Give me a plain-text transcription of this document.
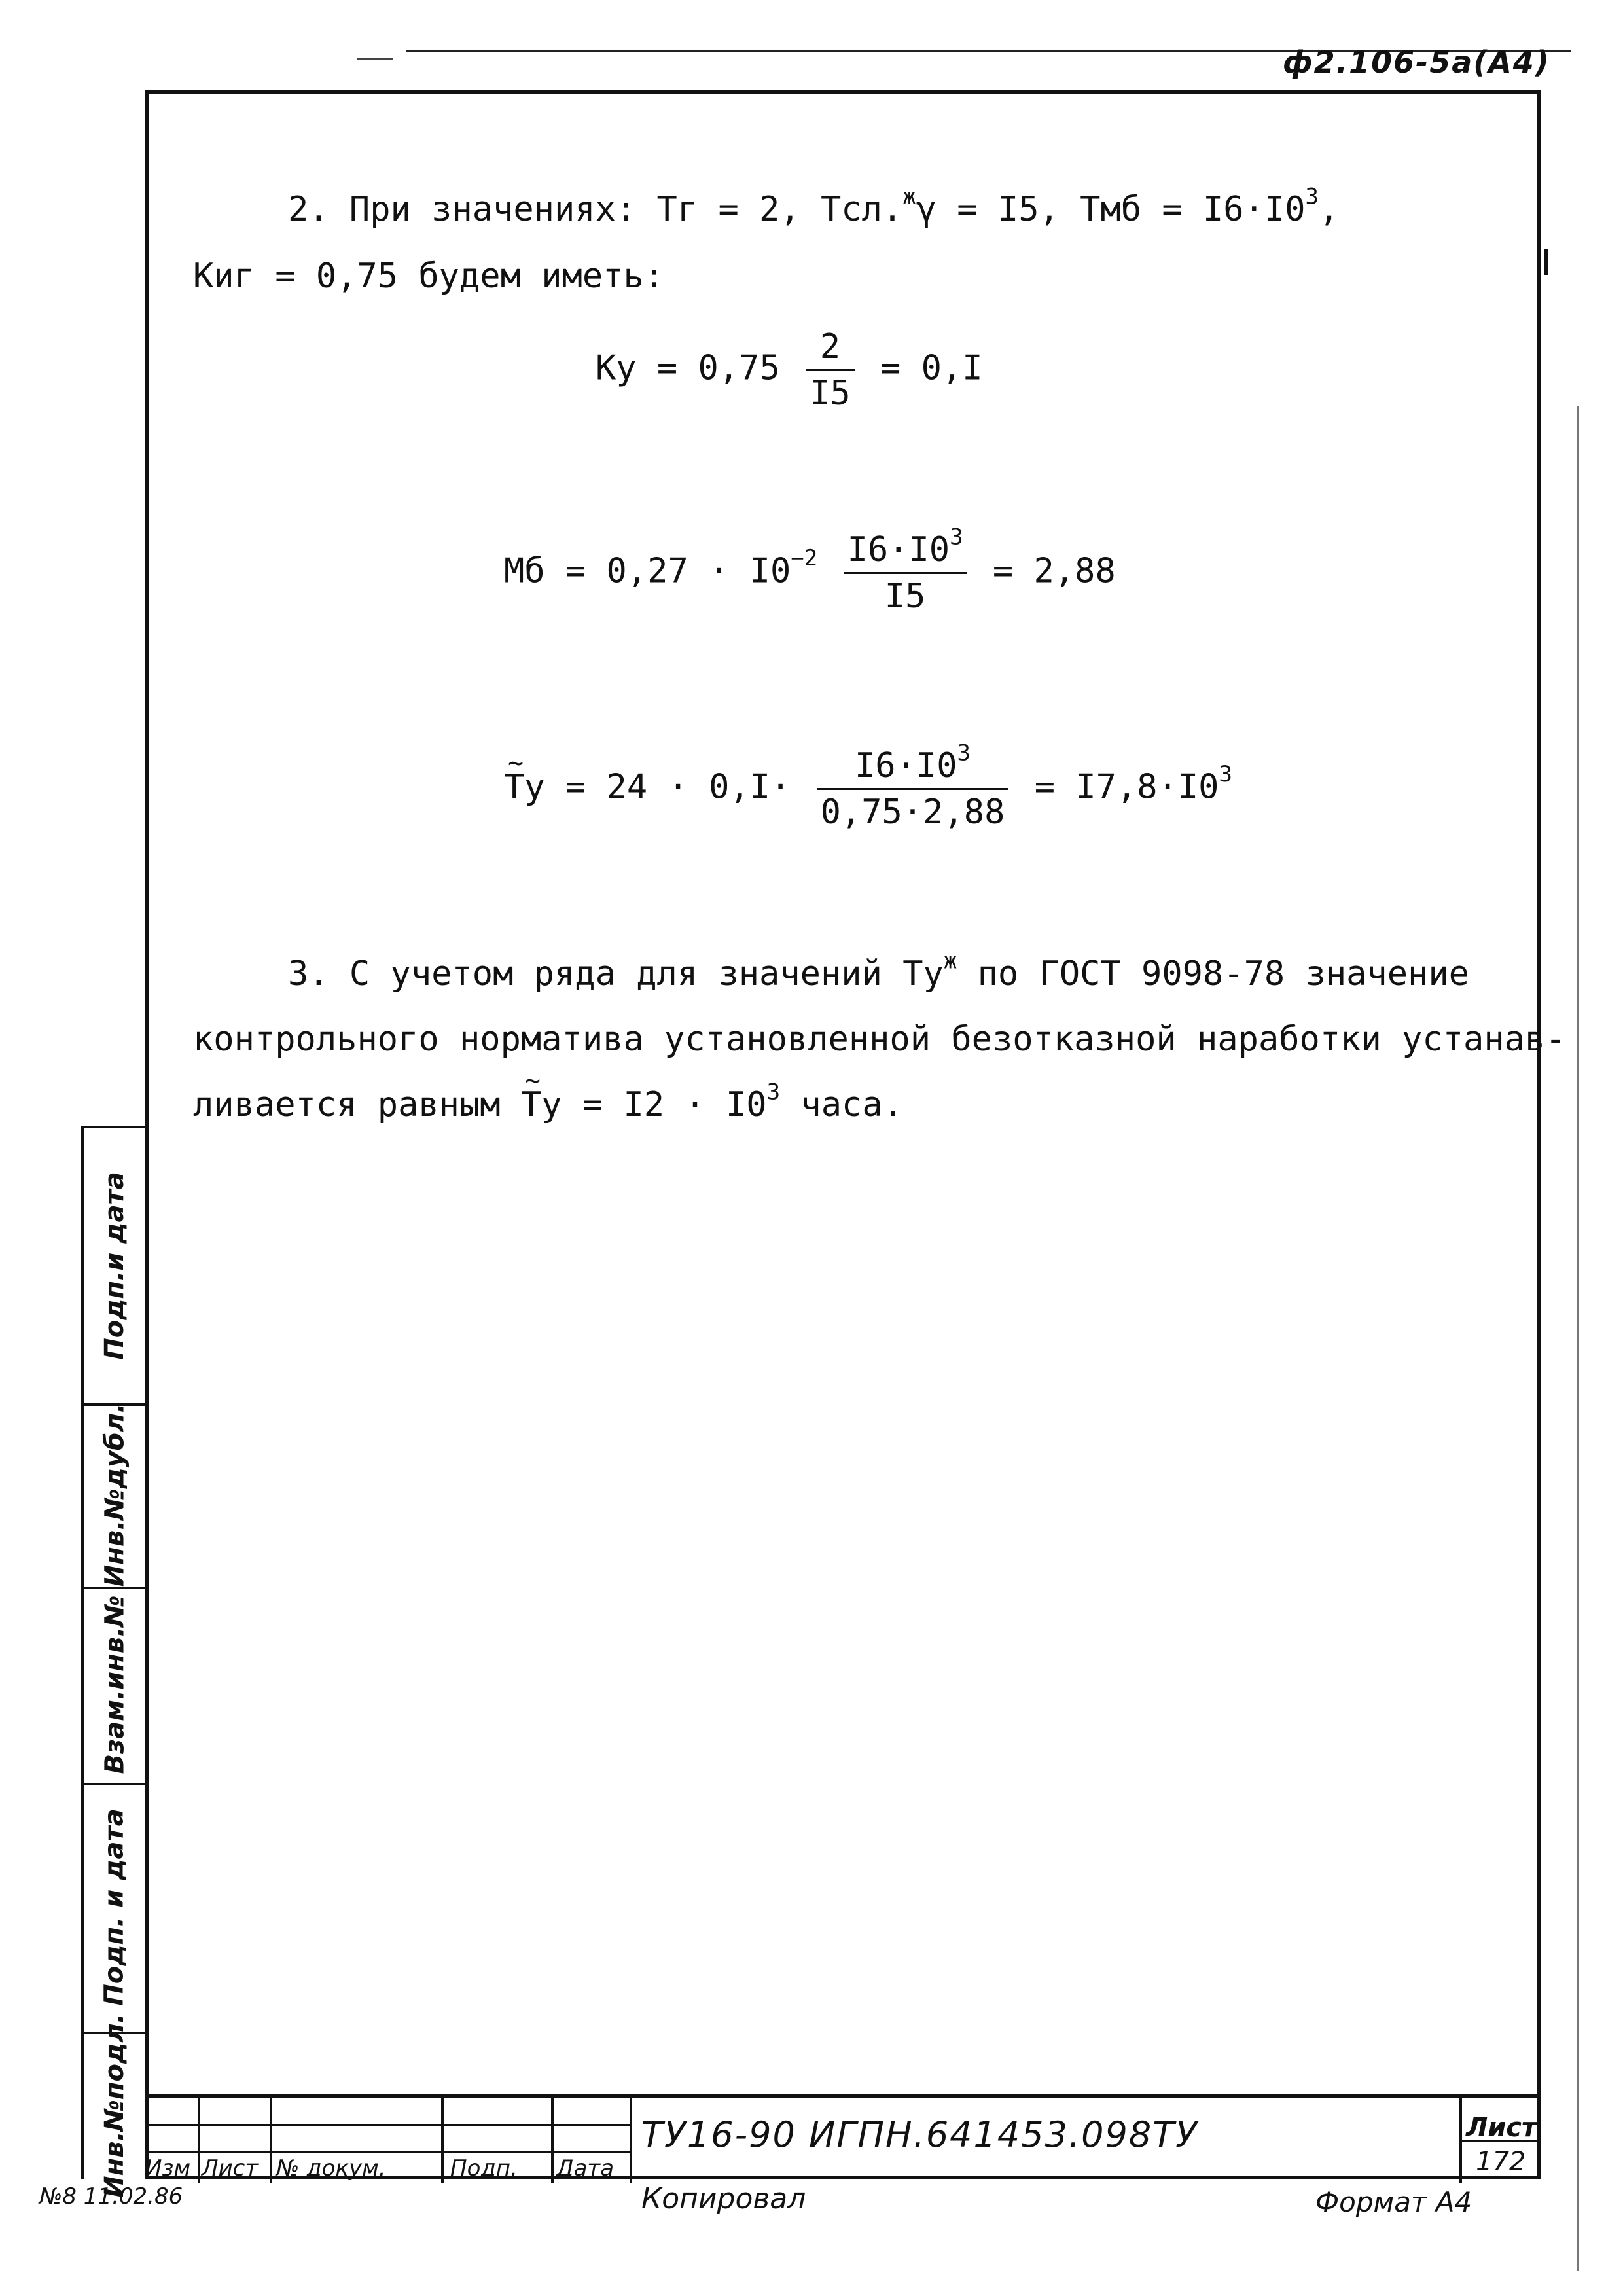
ф2.106-5а(А4)
2. При значениях: Тг = 2, Тсл.$^ж$γ = I5, Тмб = $I6\cdot I0^3$,
Киг = 0,75 будем иметь:
Ку = $0,75 \frac{2}{I5} = 0,I$
Мб = $0,27 \cdot I0^{-2} \frac{I6\cdot I0^3}{I5} = 2,88$
~ Ту = $24 \cdot 0,I\cdot \frac{I6\cdot I0^3}{0,75\cdot 2,88} = I7,8\cdot I0^3$
3. С учетом ряда для значений $Ту^ж$ по ГОСТ 9098-78 значение
контрольного норматива установленной безотказной наработки устанав-
ливается равным ~ Ту = $I2 \cdot I0^3$ часа.
Подп.и дата
Инв.№дубл.
Взам.инв.№
Подп. и дата
Инв.№подл. Изм Лист № докум.	Подп. Дата
ТУ16-90 ИГПН.641453.098ТУ	Лист
172
№8 11.02.86	Копировал	Формат А4
